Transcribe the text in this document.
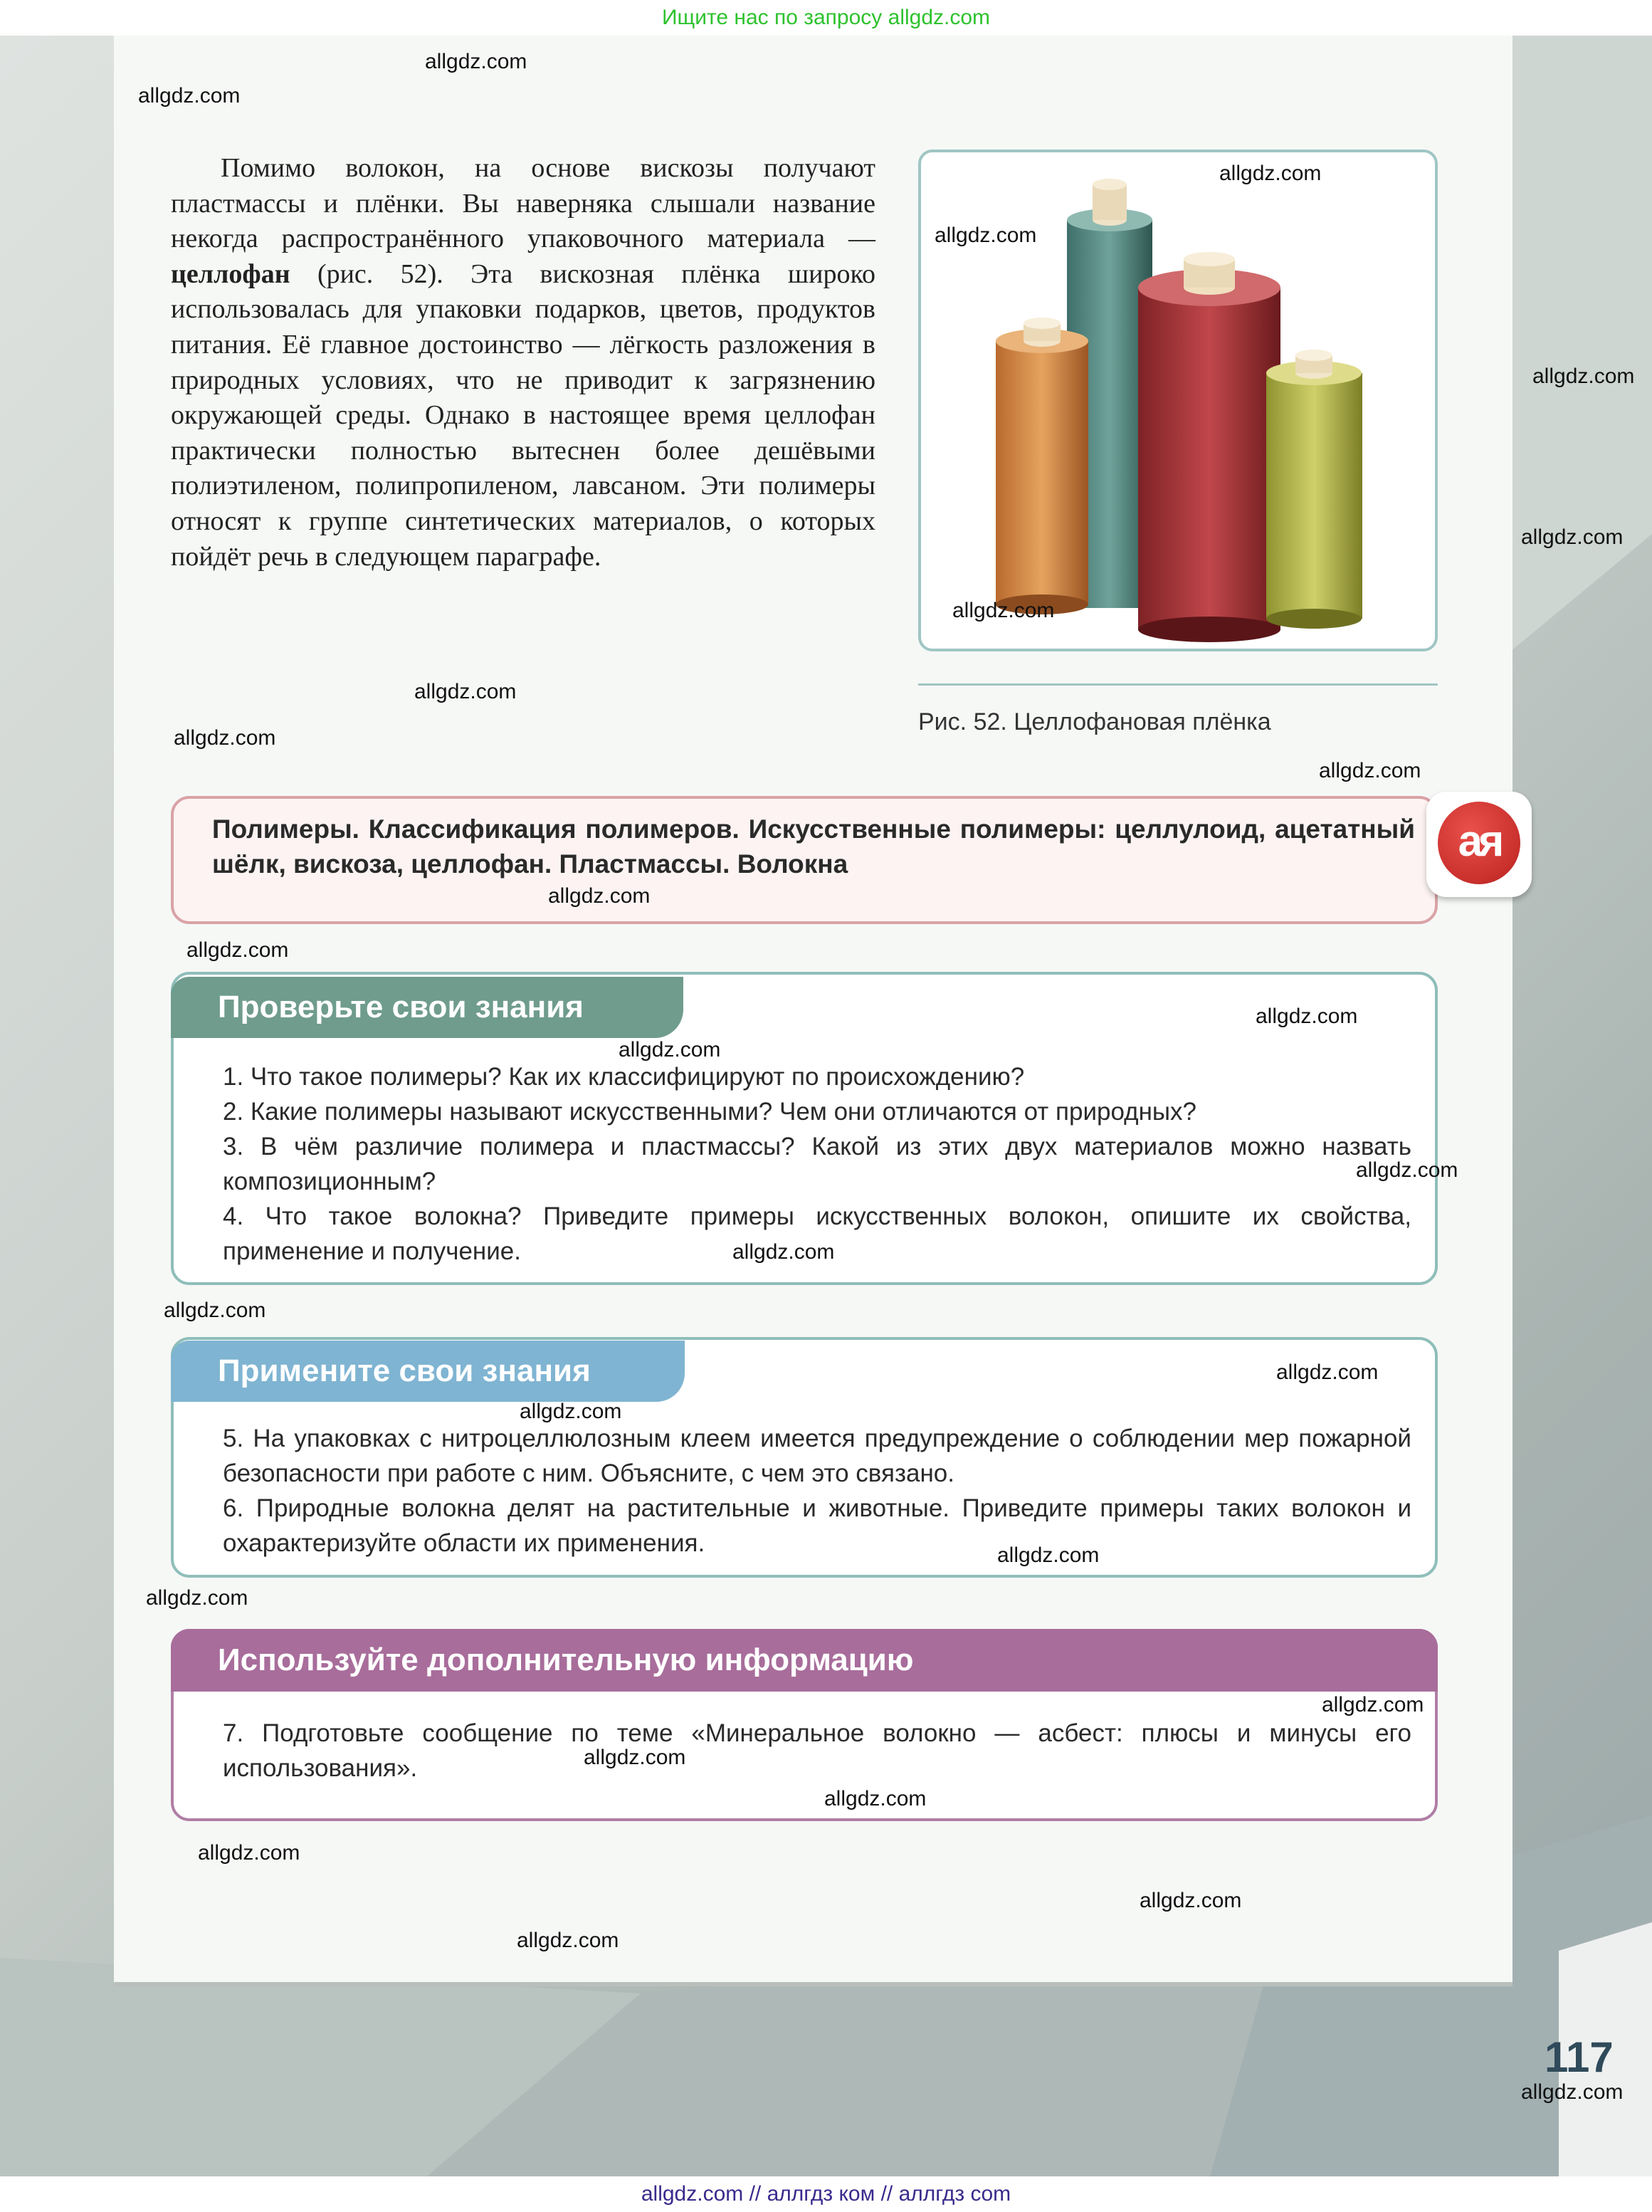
Ищите нас по запросу allgdz.com
Помимо волокон, на основе вискозы получают пластмассы и плёнки. Вы наверняка слышали название некогда распространённого упаковочного материала — целлофан (рис. 52). Эта вискозная плёнка широко использовалась для упаковки подарков, цветов, продуктов питания. Её главное достоинство — лёгкость разложения в природных условиях, что не приводит к загрязнению окружающей среды. Однако в настоящее время целлофан практически полностью вытеснен более дешёвыми полиэтиленом, полипропиленом, лавсаном. Эти полимеры относят к группе синтетических материалов, о которых пойдёт речь в следующем параграфе.
Рис. 52. Целлофановая плёнка
Полимеры. Классификация полимеров. Искусственные полимеры: целлулоид, ацетатный шёлк, вискоза, целлофан. Пластмассы. Волокна	ая
Проверьте свои знания
1. Что такое полимеры? Как их классифицируют по происхождению?
2. Какие полимеры называют искусственными? Чем они отличаются от природных?
3. В чём различие полимера и пластмассы? Какой из этих двух материалов можно назвать композиционным?
4. Что такое волокна? Приведите примеры искусственных волокон, опишите их свойства, применение и получение.
Примените свои знания
5. На упаковках с нитроцеллюлозным клеем имеется предупреждение о соблюдении мер пожарной безопасности при работе с ним. Объясните, с чем это связано.
6. Природные волокна делят на растительные и животные. Приведите примеры таких волокон и охарактеризуйте области их применения.
Используйте дополнительную информацию
7. Подготовьте сообщение по теме «Минеральное волокно — асбест: плюсы и минусы его использования».
117
allgdz.com
allgdz.com
allgdz.com
allgdz.com
allgdz.com
allgdz.com
allgdz.com
allgdz.com
allgdz.com
allgdz.com
allgdz.com
allgdz.com
allgdz.com
allgdz.com
allgdz.com
allgdz.com
allgdz.com
allgdz.com
allgdz.com
allgdz.com
allgdz.com
allgdz.com
allgdz.com
allgdz.com
allgdz.com
allgdz.com
allgdz.com
allgdz.com
allgdz.com // аллгдз ком // аллгдз com
